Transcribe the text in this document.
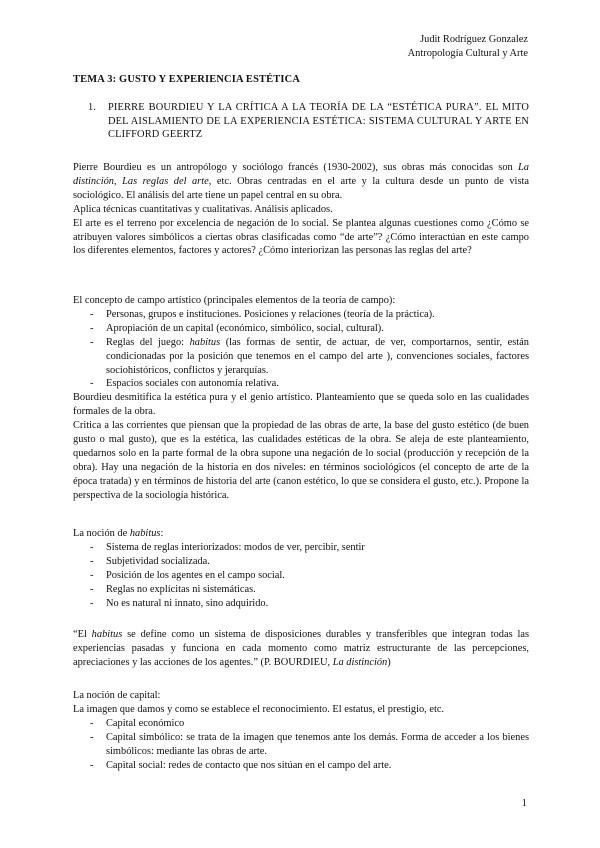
Judit Rodríguez Gonzalez
Antropología Cultural y Arte
TEMA 3: GUSTO Y EXPERIENCIA ESTÉTICA
1. PIERRE BOURDIEU Y LA CRÍTICA A LA TEORÍA DE LA “ESTÉTICA PURA”. EL MITO DEL AISLAMIENTO DE LA EXPERIENCIA ESTÉTICA: SISTEMA CULTURAL Y ARTE EN CLIFFORD GEERTZ

Pierre Bourdieu es un antropólogo y sociólogo francés (1930-2002), sus obras más conocidas son La distinción, Las reglas del arte, etc. Obras centradas en el arte y la cultura desde un punto de vista sociológico. El análisis del arte tiene un papel central en su obra.

Aplica técnicas cuantitativas y cualitativas. Análisis aplicados.

El arte es el terreno por excelencia de negación de lo social. Se plantea algunas cuestiones como ¿Cómo se atribuyen valores simbólicos a ciertas obras clasificadas como “de arte”? ¿Cómo interactúan en este campo los diferentes elementos, factores y actores? ¿Cómo interiorizan las personas las reglas del arte?

El concepto de campo artístico (principales elementos de la teoría de campo):

- Personas, grupos e instituciones. Posiciones y relaciones (teoría de la práctica).
- Apropiación de un capital (económico, simbólico, social, cultural).
- Reglas del juego: habitus (las formas de sentir, de actuar, de ver, comportarnos, sentir, están condicionadas por la posición que tenemos en el campo del arte ), convenciones sociales, factores sociohistóricos, conflictos y jerarquías.
- Espacios sociales con autonomía relativa.

Bourdieu desmitifica la estética pura y el genio artístico. Planteamiento que se queda solo en las cualidades formales de la obra.

Critica a las corrientes que piensan que la propiedad de las obras de arte, la base del gusto estético (de buen gusto o mal gusto), que es la estética, las cualidades estéticas de la obra. Se aleja de este planteamiento, quedarnos solo en la parte formal de la obra supone una negación de lo social (producción y recepción de la obra). Hay una negación de la historia en dos niveles: en términos sociológicos (el concepto de arte de la época tratada) y en términos de historia del arte (canon estético, lo que se considera el gusto, etc.). Propone la perspectiva de la sociología histórica.

La noción de habitus:

- Sistema de reglas interiorizados: modos de ver, percibir, sentir
- Subjetividad socializada.
- Posición de los agentes en el campo social.
- Reglas no explícitas ni sistemáticas.
- No es natural ni innato, sino adquirido.

“El habitus se define como un sistema de disposiciones durables y transferibles que integran todas las experiencias pasadas y funciona en cada momento como matriz estructurante de las percepciones, apreciaciones y las acciones de los agentes.” (P. BOURDIEU, La distinción)

La noción de capital:

La imagen que damos y como se establece el reconocimiento. El estatus, el prestigio, etc.

- Capital económico
- Capital simbólico: se trata de la imagen que tenemos ante los demás. Forma de acceder a los bienes simbólicos: mediante las obras de arte.
- Capital social: redes de contacto que nos sitúan en el campo del arte.
1
